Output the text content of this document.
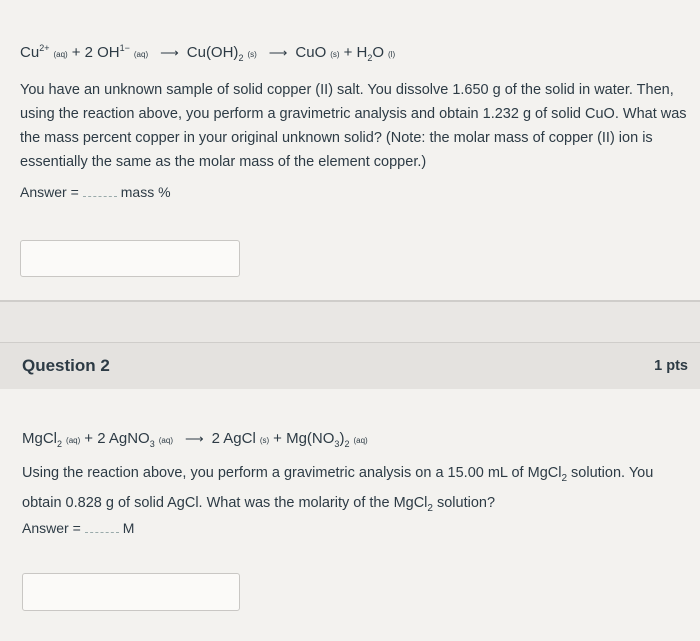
$Cu^{2+}(aq) + 2$ $OH^{1-}(aq)$ ⟶ $Cu(OH)_2$ (s) ⟶ CuO $(s) + H_2O$ (l)
You have an unknown sample of solid copper (II) salt. You dissolve 1.650 g of the solid in water. Then, using the reaction above, you perform a gravimetric analysis and obtain 1.232 g of solid CuO. What was the mass percent copper in your original unknown solid? (Note: the molar mass of copper (II) ion is essentially the same as the molar mass of the element copper.)
Answer =	mass %
Question 2	1 pts
MgCl$_2$ (aq) + 2 AgNO$_3$ (aq) ⟶ 2 AgCl $(s) + Mg(NO_3)_2$ (aq)
Using the reaction above, you perform a gravimetric analysis on a 15.00 mL of MgCl$_2$ solution. You obtain 0.828 g of solid AgCl. What was the molarity of the MgCl$_2$ solution?
Answer =	M
